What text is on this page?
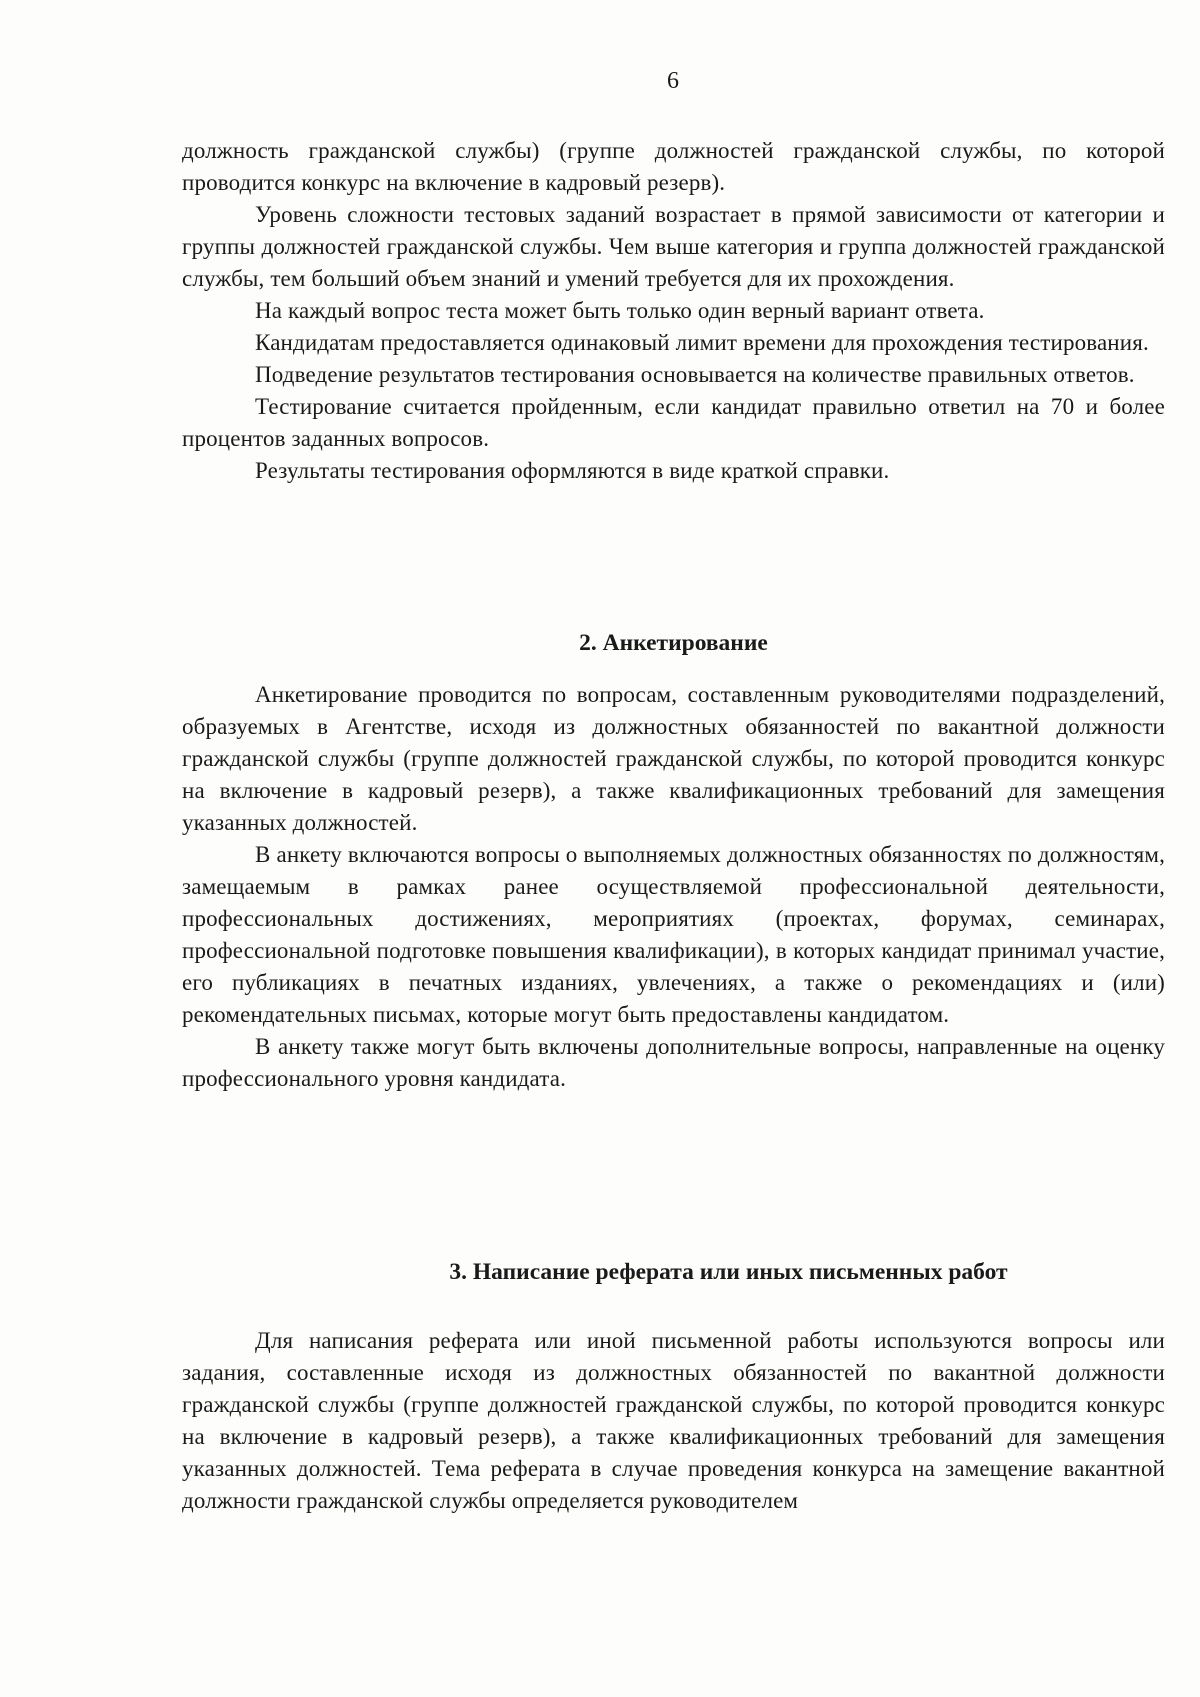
6

должность гражданской службы) (группе должностей гражданской службы, по которой проводится конкурс на включение в кадровый резерв).

Уровень сложности тестовых заданий возрастает в прямой зависимости от категории и группы должностей гражданской службы. Чем выше категория и группа должностей гражданской службы, тем больший объем знаний и умений требуется для их прохождения.

На каждый вопрос теста может быть только один верный вариант ответа.

Кандидатам предоставляется одинаковый лимит времени для прохождения тестирования.

Подведение результатов тестирования основывается на количестве правильных ответов.

Тестирование считается пройденным, если кандидат правильно ответил на 70 и более процентов заданных вопросов.

Результаты тестирования оформляются в виде краткой справки.

2. Анкетирование

Анкетирование проводится по вопросам, составленным руководителями подразделений, образуемых в Агентстве, исходя из должностных обязанностей по вакантной должности гражданской службы (группе должностей гражданской службы, по которой проводится конкурс на включение в кадровый резерв), а также квалификационных требований для замещения указанных должностей.

В анкету включаются вопросы о выполняемых должностных обязанностях по должностям, замещаемым в рамках ранее осуществляемой профессиональной деятельности, профессиональных достижениях, мероприятиях (проектах, форумах, семинарах, профессиональной подготовке повышения квалификации), в которых кандидат принимал участие, его публикациях в печатных изданиях, увлечениях, а также о рекомендациях и (или) рекомендательных письмах, которые могут быть предоставлены кандидатом.

В анкету также могут быть включены дополнительные вопросы, направленные на оценку профессионального уровня кандидата.

3. Написание реферата или иных письменных работ

Для написания реферата или иной письменной работы используются вопросы или задания, составленные исходя из должностных обязанностей по вакантной должности гражданской службы (группе должностей гражданской службы, по которой проводится конкурс на включение в кадровый резерв), а также квалификационных требований для замещения указанных должностей. Тема реферата в случае проведения конкурса на замещение вакантной должности гражданской службы определяется руководителем
